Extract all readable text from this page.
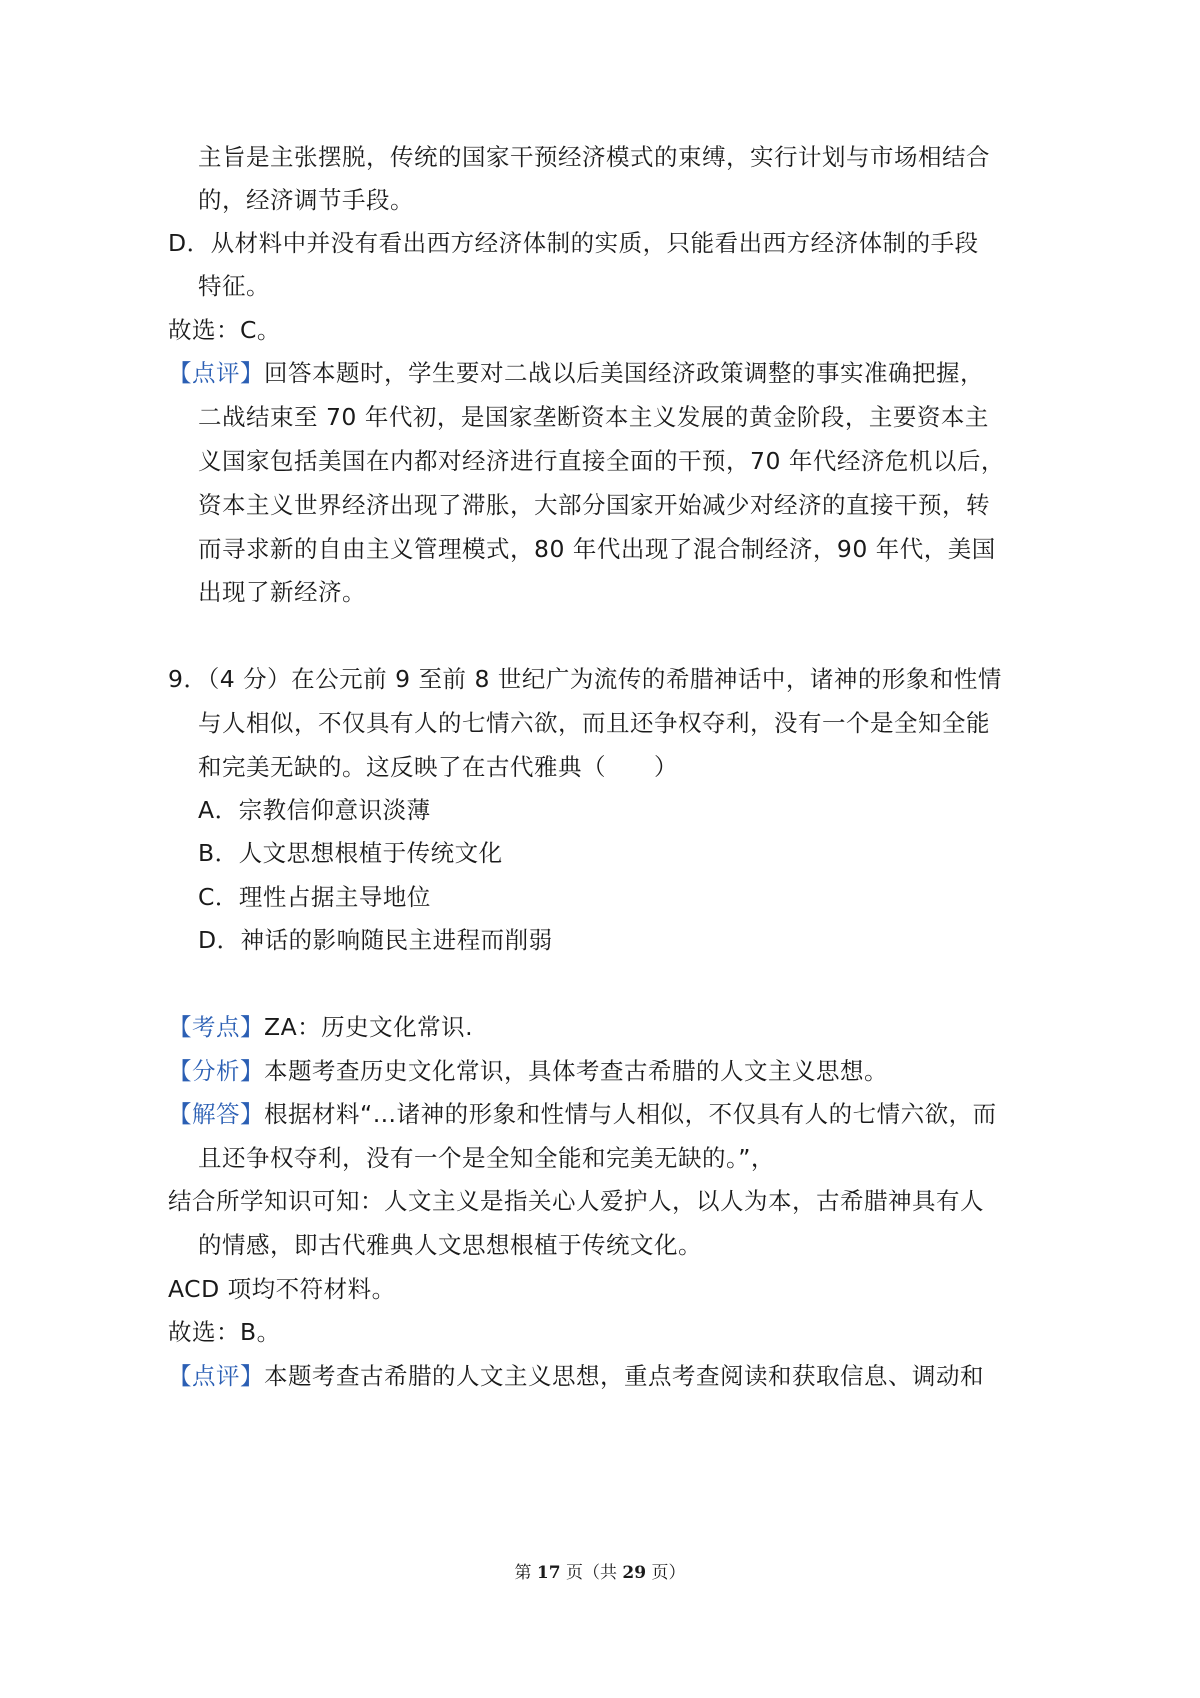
主旨是主张摆脱，传统的国家干预经济模式的束缚，实行计划与市场相结合
的，经济调节手段。
D．从材料中并没有看出西方经济体制的实质，只能看出西方经济体制的手段
特征。
故选：C。
【点评】回答本题时，学生要对二战以后美国经济政策调整的事实准确把握，
二战结束至 70 年代初，是国家垄断资本主义发展的黄金阶段，主要资本主
义国家包括美国在内都对经济进行直接全面的干预，70 年代经济危机以后，
资本主义世界经济出现了滞胀，大部分国家开始减少对经济的直接干预，转
而寻求新的自由主义管理模式，80 年代出现了混合制经济，90 年代，美国
出现了新经济。
9．（4 分）在公元前 9 至前 8 世纪广为流传的希腊神话中，诸神的形象和性情
与人相似，不仅具有人的七情六欲，而且还争权夺利，没有一个是全知全能
和完美无缺的。这反映了在古代雅典（　　）
A．宗教信仰意识淡薄
B．人文思想根植于传统文化
C．理性占据主导地位
D．神话的影响随民主进程而削弱
【考点】ZA：历史文化常识.
【分析】本题考查历史文化常识，具体考查古希腊的人文主义思想。
【解答】根据材料“…诸神的形象和性情与人相似，不仅具有人的七情六欲，而
且还争权夺利，没有一个是全知全能和完美无缺的。”，
结合所学知识可知：人文主义是指关心人爱护人，以人为本，古希腊神具有人
的情感，即古代雅典人文思想根植于传统文化。
ACD 项均不符材料。
故选：B。
【点评】本题考查古希腊的人文主义思想，重点考查阅读和获取信息、调动和
第 17 页（共 29 页）
